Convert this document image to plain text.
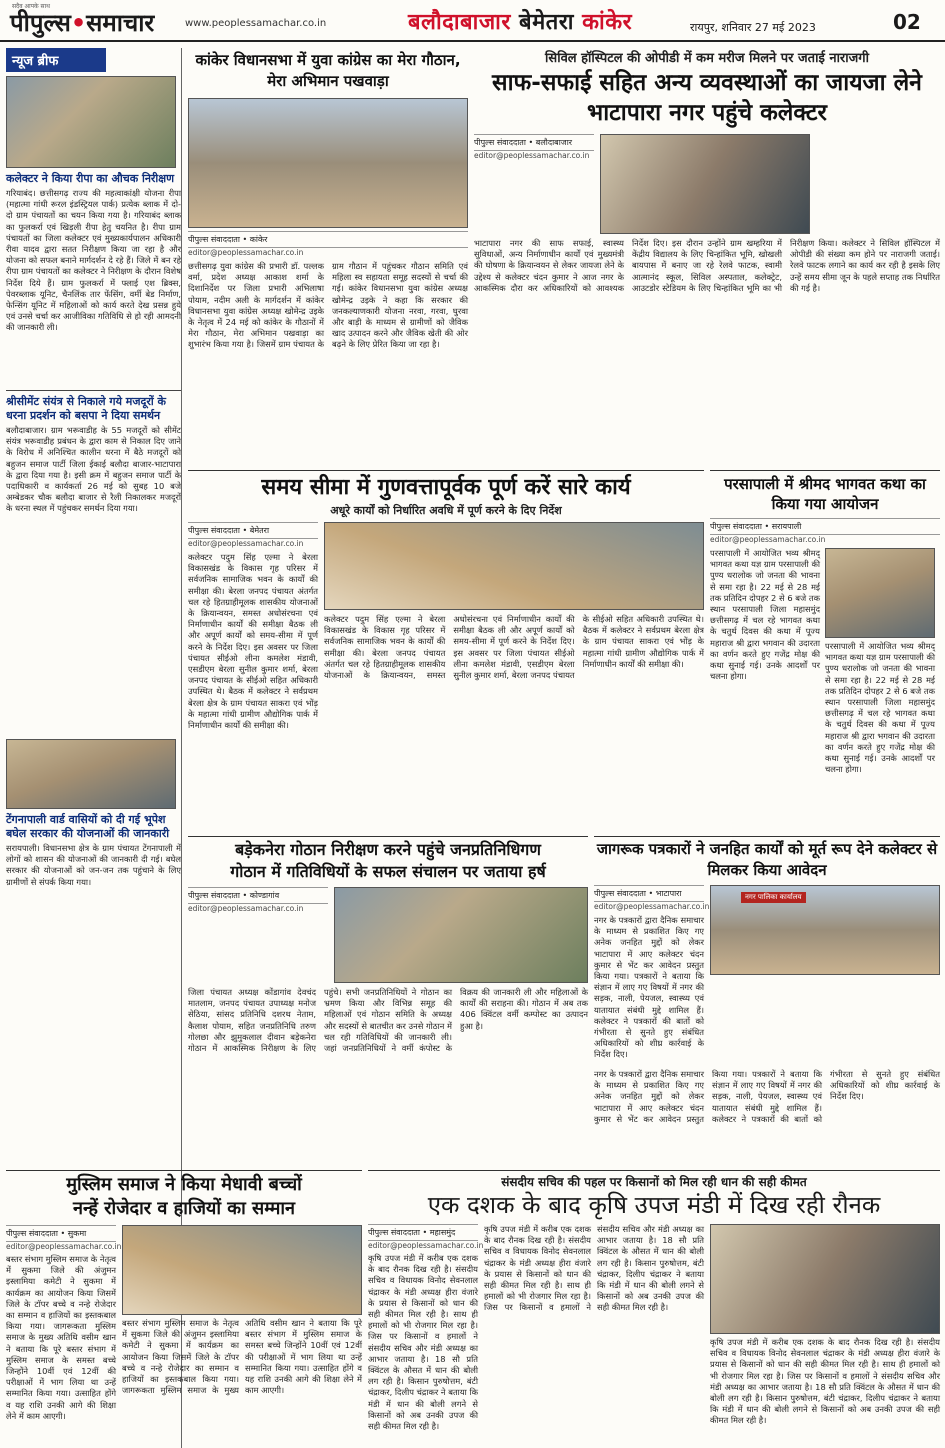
सदैव आपके साथ
पीपुल्स•समाचार	www.peoplessamachar.co.in	बलौदाबाजार बेमेतरा कांकेर	रायपुर, शनिवार 27 मई 2023	02
न्यूज ब्रीफ
कलेक्टर ने किया रीपा का औचक निरीक्षण
गरियाबंद। छत्तीसगढ़ राज्य की महत्वाकांक्षी योजना रीपा (महात्मा गांधी रूरल इंडस्ट्रियल पार्क) प्रत्येक ब्लाक में दो-दो ग्राम पंचायतों का चयन किया गया है। गरियाबंद ब्लाक का फुलकर्रा एवं खिड़ली रीपा हेतु चयनित है। रीपा ग्राम पंचायतों का जिला कलेक्टर एवं मुख्यकार्यपालन अधिकारी रीवा यादव द्वारा सतत निरीक्षण किया जा रहा है और योजना को सफल बनाने मार्गदर्शन दे रहे हैं। जिले में बन रहे रीपा ग्राम पंचायतों का कलेक्टर ने निरीक्षण के दौरान विशेष निर्देश दिये हैं। ग्राम फुलकर्रा में फ्लाई एश ब्रिक्स, पेवरब्लाक यूनिट, चैनलिंक तार फेंसिंग, वर्मी बेड निर्माण, फेन्सिंग यूनिट में महिलाओं को कार्य करते देख प्रसन्न हुये एवं उनसे चर्चा कर आजीविका गतिविधि से हो रही आमदनी की जानकारी ली।
श्रीसीमेंट संयंत्र से निकाले गये मजदूरों के धरना प्रदर्शन को बसपा ने दिया समर्थन
बलौदाबाजार। ग्राम भरूवाडीह के 55 मजदूरों को सीमेंट संयंत्र भरूवाडीह प्रबंधन के द्वारा काम से निकाल दिए जाने के विरोध में अनिश्चित कालीन धरना में बैठे मजदूरों को बहुजन समाज पार्टी जिला ईकाई बलौदा बाजार-भाटापारा के द्वारा दिया गया है। इसी क्रम में बहुजन समाज पार्टी के पदाधिकारी व कार्यकर्ता 26 मई को सुबह 10 बजे अम्बेडकर चौक बलौदा बाजार से रैली निकालकर मजदूरों के धरना स्थल में पहुंचकर समर्थन दिया गया।
टेंगनापाली वार्ड वासियों को दी गई भूपेश बघेल सरकार की योजनाओं की जानकारी
सरायपाली। विधानसभा क्षेत्र के ग्राम पंचायत टेंगनापाली में लोगों को शासन की योजनाओं की जानकारी दी गई। बघेल सरकार की योजनाओं को जन-जन तक पहुंचाने के लिए ग्रामीणों से संपर्क किया गया।
कांकेर विधानसभा में युवा कांग्रेस का मेरा गौठान, मेरा अभिमान पखवाड़ा
पीपुल्स संवाददाता • कांकेर
editor@peoplessamachar.co.in
छत्तीसगढ़ युवा कांग्रेस की प्रभारी डॉ. पल्लक वर्मा, प्रदेश अध्यक्ष आकाश शर्मा के दिशानिर्देश पर जिला प्रभारी अभिलाषा पोयाम, नदीम अली के मार्गदर्शन में कांकेर विधानसभा युवा कांग्रेस अध्यक्ष खोमेन्द्र उइके के नेतृत्व में 24 मई को कांकेर के गौठानों में मेरा गौठान, मेरा अभिमान पखवाड़ा का शुभारंभ किया गया है। जिसमें ग्राम पंचायत के ग्राम गौठान में पहुंचकर गौठान समिति एवं महिला स्व सहायता समूह सदस्यों से चर्चा की गई। कांकेर विधानसभा युवा कांग्रेस अध्यक्ष खोमेन्द्र उइके ने कहा कि सरकार की जनकल्याणकारी योजना नरवा, गरवा, घुरवा और बाड़ी के माध्यम से ग्रामीणों को जैविक खाद उत्पादन करने और जैविक खेती की ओर बढ़ने के लिए प्रेरित किया जा रहा है।
सिविल हॉस्पिटल की ओपीडी में कम मरीज मिलने पर जताई नाराजगी
साफ-सफाई सहित अन्य व्यवस्थाओं का जायजा लेने भाटापारा नगर पहुंचे कलेक्टर
पीपुल्स संवाददाता • बलौदाबाजार
editor@peoplessamachar.co.in
भाटापारा नगर की साफ सफाई, स्वास्थ्य सुविधाओं, अन्य निर्माणाधीन कार्यों एवं मुख्यमंत्री की घोषणा के क्रियान्वयन से लेकर जायजा लेने के उद्देश्य से कलेक्टर चंदन कुमार ने आज नगर के आकस्मिक दौरा कर अधिकारियों को आवश्यक निर्देश दिए। इस दौरान उन्होंने ग्राम खम्हरिया में केंद्रीय विद्यालय के लिए चिन्हांकित भूमि, खोखली बायपास में बनाए जा रहे रेलवे फाटक, स्वामी आत्मानंद स्कूल, सिविल अस्पताल, कलेक्ट्रेट, आउटडोर स्टेडियम के लिए चिन्हांकित भूमि का भी निरीक्षण किया। कलेक्टर ने सिविल हॉस्पिटल में ओपीडी की संख्या कम होने पर नाराजगी जताई। रेलवे फाटक लगाने का कार्य कर रही है इसके लिए उन्हें समय सीमा जून के पहले सप्ताह तक निर्धारित की गई है।
समय सीमा में गुणवत्तापूर्वक पूर्ण करें सारे कार्य
अधूरे कार्यों को निर्धारित अवधि में पूर्ण करने के दिए निर्देश
पीपुल्स संवाददाता • बेमेतरा
editor@peoplessamachar.co.in
कलेक्टर पदुम सिंह एल्मा ने बेरला विकासखंड के विकास गृह परिसर में सर्वजनिक सामाजिक भवन के कार्यों की समीक्षा की। बेरला जनपद पंचायत अंतर्गत चल रहे हितग्राहीमूलक शासकीय योजनाओं के क्रियान्वयन, समस्त अधोसंरचना एवं निर्माणाधीन कार्यों की समीक्षा बैठक ली और अपूर्ण कार्यों को समय-सीमा में पूर्ण करने के निर्देश दिए। इस अवसर पर जिला पंचायत सीईओ लीना कमलेश मंडावी, एसडीएम बेरला सुनील कुमार शर्मा, बेरला जनपद पंचायत के सीईओ सहित अधिकारी उपस्थित थे। बैठक में कलेक्टर ने सर्वप्रथम बेरला क्षेत्र के ग्राम पंचायत साकरा एवं भोंड़ के महात्मा गांधी ग्रामीण औद्योगिक पार्क में निर्माणाधीन कार्यों की समीक्षा की।
कलेक्टर पदुम सिंह एल्मा ने बेरला विकासखंड के विकास गृह परिसर में सर्वजनिक सामाजिक भवन के कार्यों की समीक्षा की। बेरला जनपद पंचायत अंतर्गत चल रहे हितग्राहीमूलक शासकीय योजनाओं के क्रियान्वयन, समस्त अधोसंरचना एवं निर्माणाधीन कार्यों की समीक्षा बैठक ली और अपूर्ण कार्यों को समय-सीमा में पूर्ण करने के निर्देश दिए। इस अवसर पर जिला पंचायत सीईओ लीना कमलेश मंडावी, एसडीएम बेरला सुनील कुमार शर्मा, बेरला जनपद पंचायत के सीईओ सहित अधिकारी उपस्थित थे। बैठक में कलेक्टर ने सर्वप्रथम बेरला क्षेत्र के ग्राम पंचायत साकरा एवं भोंड़ के महात्मा गांधी ग्रामीण औद्योगिक पार्क में निर्माणाधीन कार्यों की समीक्षा की।
परसापाली में श्रीमद भागवत कथा का किया गया आयोजन
पीपुल्स संवाददाता • सरायपाली
editor@peoplessamachar.co.in
परसापाली में आयोजित भव्य श्रीमद् भागवत कथा यज्ञ ग्राम परसापाली की पुण्य धरालोक जो जनता की भावना से समा रहा है। 22 मई से 28 मई तक प्रतिदिन दोपहर 2 से 6 बजे तक स्थान परसापाली जिला महासमुंद छत्तीसगढ़ में चल रहे भागवत कथा के चतुर्थ दिवस की कथा में पूज्य महाराज श्री द्वारा भगवान की उदारता का वर्णन करते हुए गजेंद्र मोक्ष की कथा सुनाई गई। उनके आदर्शों पर चलना होगा।
परसापाली में आयोजित भव्य श्रीमद् भागवत कथा यज्ञ ग्राम परसापाली की पुण्य धरालोक जो जनता की भावना से समा रहा है। 22 मई से 28 मई तक प्रतिदिन दोपहर 2 से 6 बजे तक स्थान परसापाली जिला महासमुंद छत्तीसगढ़ में चल रहे भागवत कथा के चतुर्थ दिवस की कथा में पूज्य महाराज श्री द्वारा भगवान की उदारता का वर्णन करते हुए गजेंद्र मोक्ष की कथा सुनाई गई। उनके आदर्शों पर चलना होगा।
बड़ेकनेरा गोठान निरीक्षण करने पहुंचे जनप्रतिनिधिगण
गोठान में गतिविधियों के सफल संचालन पर जताया हर्ष
पीपुल्स संवाददाता • कोण्डागांव
editor@peoplessamachar.co.in
जिला पंचायत अध्यक्ष कोंडागांव देवचंद मातलाम, जनपद पंचायत उपाध्यक्ष मनोज सेठिया, सांसद प्रतिनिधि दशरथ नेताम, कैलाश पोयाम, सहित जनप्रतिनिधि तरुण गोलछा और झुमुकलाल दीवान बड़ेकनेरा गोठान में आकस्मिक निरीक्षण के लिए पहुंचे। सभी जनप्रतिनिधियों ने गोठान का भ्रमण किया और विभिन्न समूह की महिलाओं एवं गोठान समिति के अध्यक्ष और सदस्यों से बातचीत कर उनसे गोठान में चल रही गतिविधियों की जानकारी ली। जहां जनप्रतिनिधियों ने वर्मी कंपोस्ट के विक्रय की जानकारी ली और महिलाओं के कार्यों की सराहना की। गोठान में अब तक 406 क्विंटल वर्मी कम्पोस्ट का उत्पादन हुआ है।
जागरूक पत्रकारों ने जनहित कार्यों को मूर्त रूप देने कलेक्टर से मिलकर किया आवेदन
पीपुल्स संवाददाता • भाटापारा
editor@peoplessamachar.co.in
नगर के पत्रकारों द्वारा दैनिक समाचार के माध्यम से प्रकाशित किए गए अनेक जनहित मुद्दों को लेकर भाटापारा में आए कलेक्टर चंदन कुमार से भेंट कर आवेदन प्रस्तुत किया गया। पत्रकारों ने बताया कि संज्ञान में लाए गए विषयों में नगर की सड़क, नाली, पेयजल, स्वास्थ्य एवं यातायात संबंधी मुद्दे शामिल हैं। कलेक्टर ने पत्रकारों की बातों को गंभीरता से सुनते हुए संबंधित अधिकारियों को शीघ्र कार्रवाई के निर्देश दिए।
नगर पालिका कार्यालय
नगर के पत्रकारों द्वारा दैनिक समाचार के माध्यम से प्रकाशित किए गए अनेक जनहित मुद्दों को लेकर भाटापारा में आए कलेक्टर चंदन कुमार से भेंट कर आवेदन प्रस्तुत किया गया। पत्रकारों ने बताया कि संज्ञान में लाए गए विषयों में नगर की सड़क, नाली, पेयजल, स्वास्थ्य एवं यातायात संबंधी मुद्दे शामिल हैं। कलेक्टर ने पत्रकारों की बातों को गंभीरता से सुनते हुए संबंधित अधिकारियों को शीघ्र कार्रवाई के निर्देश दिए।
मुस्लिम समाज ने किया मेधावी बच्चों
नन्हें रोजेदार व हाजियों का सम्मान
पीपुल्स संवाददाता • सुकमा
editor@peoplessamachar.co.in
बस्तर संभाग मुस्लिम समाज के नेतृत्व में सुकमा जिले की अंजुमन इस्लामिया कमेटी ने सुकमा में कार्यक्रम का आयोजन किया जिसमें जिले के टॉपर बच्चे व नन्हे रोजेदार का सम्मान व हाजियों का इस्तकबाल किया गया। जागरूकता मुस्लिम समाज के मुख्य अतिथि वसीम खान ने बताया कि पूरे बस्तर संभाग में मुस्लिम समाज के समस्त बच्चे जिन्होंने 10वीं एवं 12वीं की परीक्षाओं में भाग लिया था उन्हें सम्मानित किया गया। उत्साहित होंगे व यह राशि उनकी आगे की शिक्षा लेने में काम आएगी।
बस्तर संभाग मुस्लिम समाज के नेतृत्व में सुकमा जिले की अंजुमन इस्लामिया कमेटी ने सुकमा में कार्यक्रम का आयोजन किया जिसमें जिले के टॉपर बच्चे व नन्हे रोजेदार का सम्मान व हाजियों का इस्तकबाल किया गया। जागरूकता मुस्लिम समाज के मुख्य अतिथि वसीम खान ने बताया कि पूरे बस्तर संभाग में मुस्लिम समाज के समस्त बच्चे जिन्होंने 10वीं एवं 12वीं की परीक्षाओं में भाग लिया था उन्हें सम्मानित किया गया। उत्साहित होंगे व यह राशि उनकी आगे की शिक्षा लेने में काम आएगी।
संसदीय सचिव की पहल पर किसानों को मिल रही धान की सही कीमत
एक दशक के बाद कृषि उपज मंडी में दिख रही रौनक
पीपुल्स संवाददाता • महासमुंद
editor@peoplessamachar.co.in
कृषि उपज मंडी में करीब एक दशक के बाद रौनक दिख रही है। संसदीय सचिव व विधायक विनोद सेवनलाल चंद्राकर के मंडी अध्यक्ष हीरा वंजारे के प्रयास से किसानों को धान की सही कीमत मिल रही है। साथ ही हमालों को भी रोजगार मिल रहा है। जिस पर किसानों व हमालों ने संसदीय सचिव और मंडी अध्यक्ष का आभार जताया है। 18 सौ प्रति क्विंटल के औसत में धान की बोली लग रही है। किसान पुरुषोत्तम, बंटी चंद्राकर, दिलीप चंद्राकर ने बताया कि मंडी में धान की बोली लगने से किसानों को अब उनकी उपज की सही कीमत मिल रही है।
कृषि उपज मंडी में करीब एक दशक के बाद रौनक दिख रही है। संसदीय सचिव व विधायक विनोद सेवनलाल चंद्राकर के मंडी अध्यक्ष हीरा वंजारे के प्रयास से किसानों को धान की सही कीमत मिल रही है। साथ ही हमालों को भी रोजगार मिल रहा है। जिस पर किसानों व हमालों ने संसदीय सचिव और मंडी अध्यक्ष का आभार जताया है। 18 सौ प्रति क्विंटल के औसत में धान की बोली लग रही है। किसान पुरुषोत्तम, बंटी चंद्राकर, दिलीप चंद्राकर ने बताया कि मंडी में धान की बोली लगने से किसानों को अब उनकी उपज की सही कीमत मिल रही है।
कृषि उपज मंडी में करीब एक दशक के बाद रौनक दिख रही है। संसदीय सचिव व विधायक विनोद सेवनलाल चंद्राकर के मंडी अध्यक्ष हीरा वंजारे के प्रयास से किसानों को धान की सही कीमत मिल रही है। साथ ही हमालों को भी रोजगार मिल रहा है। जिस पर किसानों व हमालों ने संसदीय सचिव और मंडी अध्यक्ष का आभार जताया है। 18 सौ प्रति क्विंटल के औसत में धान की बोली लग रही है। किसान पुरुषोत्तम, बंटी चंद्राकर, दिलीप चंद्राकर ने बताया कि मंडी में धान की बोली लगने से किसानों को अब उनकी उपज की सही कीमत मिल रही है।
